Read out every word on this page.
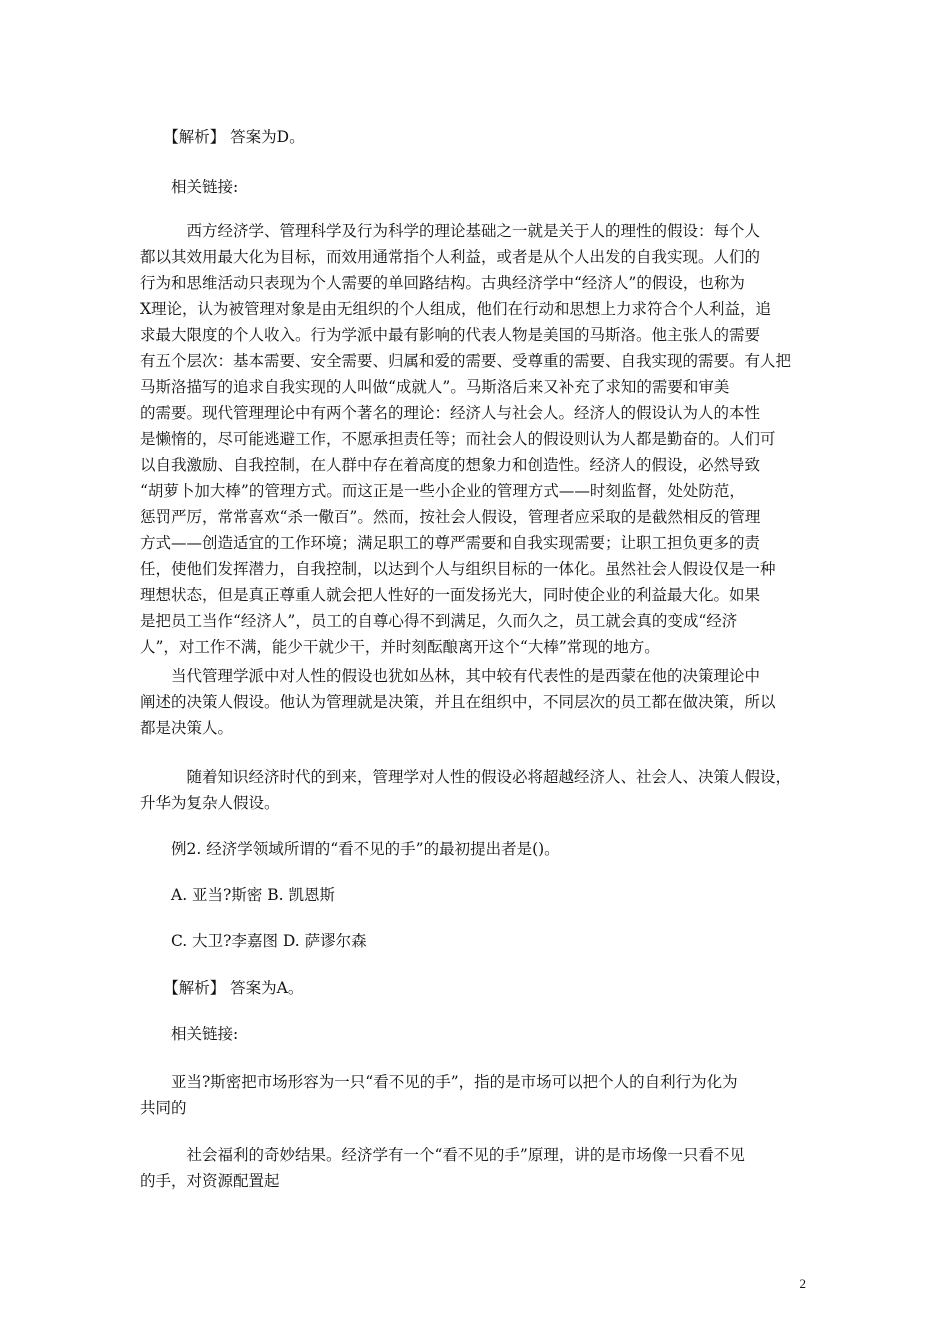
　　【解析】 答案为D。

　　相关链接:

　　　西方经济学、管理科学及行为科学的理论基础之一就是关于人的理性的假设：每个人
都以其效用最大化为目标，而效用通常指个人利益，或者是从个人出发的自我实现。人们的
行为和思维活动只表现为个人需要的单回路结构。古典经济学中“经济人”的假设，也称为
X理论，认为被管理对象是由无组织的个人组成，他们在行动和思想上力求符合个人利益，追
求最大限度的个人收入。行为学派中最有影响的代表人物是美国的马斯洛。他主张人的需要
有五个层次：基本需要、安全需要、归属和爱的需要、受尊重的需要、自我实现的需要。有人把
马斯洛描写的追求自我实现的人叫做“成就人”。马斯洛后来又补充了求知的需要和审美
的需要。现代管理理论中有两个著名的理论：经济人与社会人。经济人的假设认为人的本性
是懒惰的，尽可能逃避工作，不愿承担责任等；而社会人的假设则认为人都是勤奋的。人们可
以自我激励、自我控制，在人群中存在着高度的想象力和创造性。经济人的假设，必然导致
“胡萝卜加大棒”的管理方式。而这正是一些小企业的管理方式——时刻监督，处处防范，
惩罚严厉，常常喜欢“杀一儆百”。然而，按社会人假设，管理者应采取的是截然相反的管理
方式——创造适宜的工作环境；满足职工的尊严需要和自我实现需要；让职工担负更多的责
任，使他们发挥潜力，自我控制，以达到个人与组织目标的一体化。虽然社会人假设仅是一种
理想状态，但是真正尊重人就会把人性好的一面发扬光大，同时使企业的利益最大化。如果
是把员工当作“经济人”，员工的自尊心得不到满足，久而久之，员工就会真的变成“经济
人”，对工作不满，能少干就少干，并时刻酝酿离开这个“大棒”常现的地方。

　　当代管理学派中对人性的假设也犹如丛林，其中较有代表性的是西蒙在他的决策理论中
阐述的决策人假设。他认为管理就是决策，并且在组织中，不同层次的员工都在做决策，所以
都是决策人。

　　　随着知识经济时代的到来，管理学对人性的假设必将超越经济人、社会人、决策人假设，
升华为复杂人假设。

　　例2. 经济学领域所谓的“看不见的手”的最初提出者是()。

　　A. 亚当?斯密 B. 凯恩斯

　　C. 大卫?李嘉图 D. 萨谬尔森

　　【解析】 答案为A。

　　相关链接:

　　亚当?斯密把市场形容为一只“看不见的手”，指的是市场可以把个人的自利行为化为
共同的

　　　社会福利的奇妙结果。经济学有一个“看不见的手”原理，讲的是市场像一只看不见
的手，对资源配置起

2
